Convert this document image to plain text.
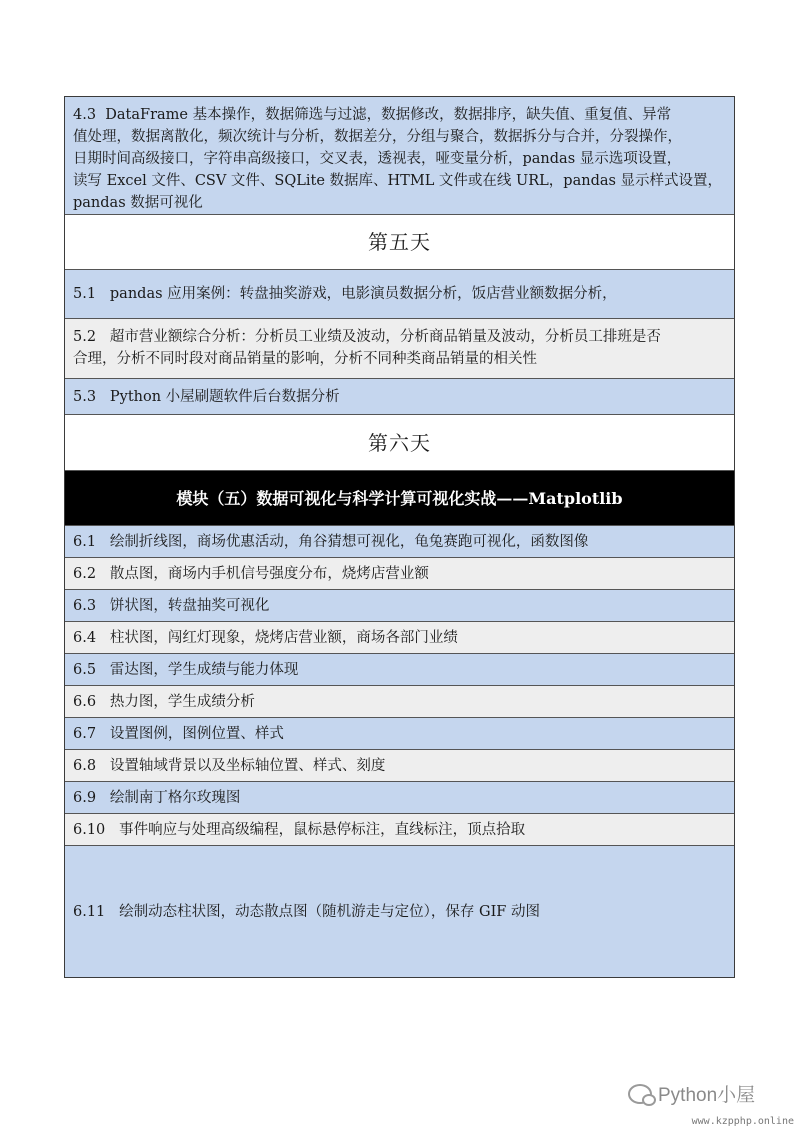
4.3 DataFrame 基本操作，数据筛选与过滤，数据修改，数据排序，缺失值、重复值、异常
值处理，数据离散化，频次统计与分析，数据差分，分组与聚合，数据拆分与合并，分裂操作，
日期时间高级接口，字符串高级接口，交叉表，透视表，哑变量分析，pandas 显示选项设置，
读写 Excel 文件、CSV 文件、SQLite 数据库、HTML 文件或在线 URL，pandas 显示样式设置，
pandas 数据可视化
第五天
5.1 pandas 应用案例：转盘抽奖游戏，电影演员数据分析，饭店营业额数据分析，
5.2 超市营业额综合分析：分析员工业绩及波动，分析商品销量及波动，分析员工排班是否
合理，分析不同时段对商品销量的影响，分析不同种类商品销量的相关性
5.3 Python 小屋刷题软件后台数据分析
第六天
模块（五）数据可视化与科学计算可视化实战——Matplotlib
6.1 绘制折线图，商场优惠活动，角谷猜想可视化，龟兔赛跑可视化，函数图像
6.2 散点图，商场内手机信号强度分布，烧烤店营业额
6.3 饼状图，转盘抽奖可视化
6.4 柱状图，闯红灯现象，烧烤店营业额，商场各部门业绩
6.5 雷达图，学生成绩与能力体现
6.6 热力图，学生成绩分析
6.7 设置图例，图例位置、样式
6.8 设置轴域背景以及坐标轴位置、样式、刻度
6.9 绘制南丁格尔玫瑰图
6.10 事件响应与处理高级编程，鼠标悬停标注，直线标注，顶点拾取
6.11 绘制动态柱状图，动态散点图（随机游走与定位），保存 GIF 动图
Python小屋
www.kzpphp.online
